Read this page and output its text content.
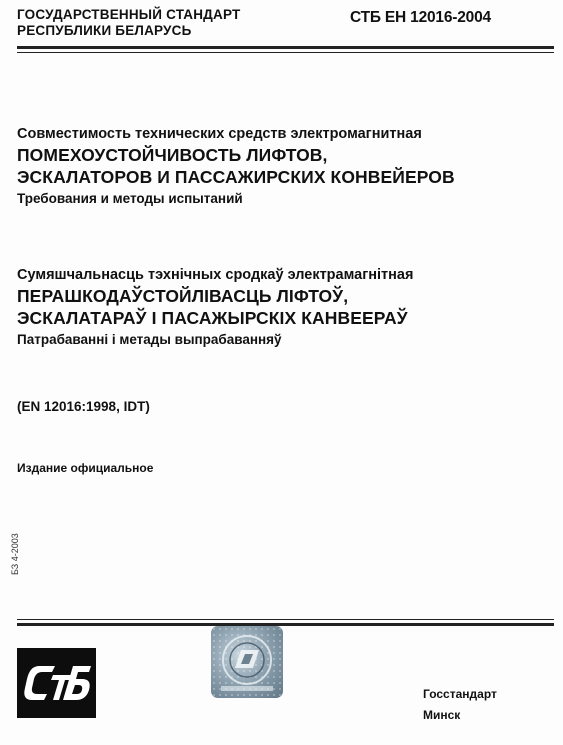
ГОСУДАРСТВЕННЫЙ СТАНДАРТ
РЕСПУБЛИКИ БЕЛАРУСЬ
СТБ ЕН 12016-2004
Совместимость технических средств электромагнитная
ПОМЕХОУСТОЙЧИВОСТЬ ЛИФТОВ,
ЭСКАЛАТОРОВ И ПАССАЖИРСКИХ КОНВЕЙЕРОВ
Требования и методы испытаний
Сумяшчальнасць тэхнічных сродкаў электрамагнітная
ПЕРАШКОДАЎСТОЙЛІВАСЦЬ ЛІФТОЎ,
ЭСКАЛАТАРАЎ І ПАСАЖЫРСКІХ КАНВЕЕРАЎ
Патрабаванні і метады выпрабаванняў
(EN 12016:1998, IDT)
Издание официальное
БЗ 4-2003
Госстандарт
Минск
